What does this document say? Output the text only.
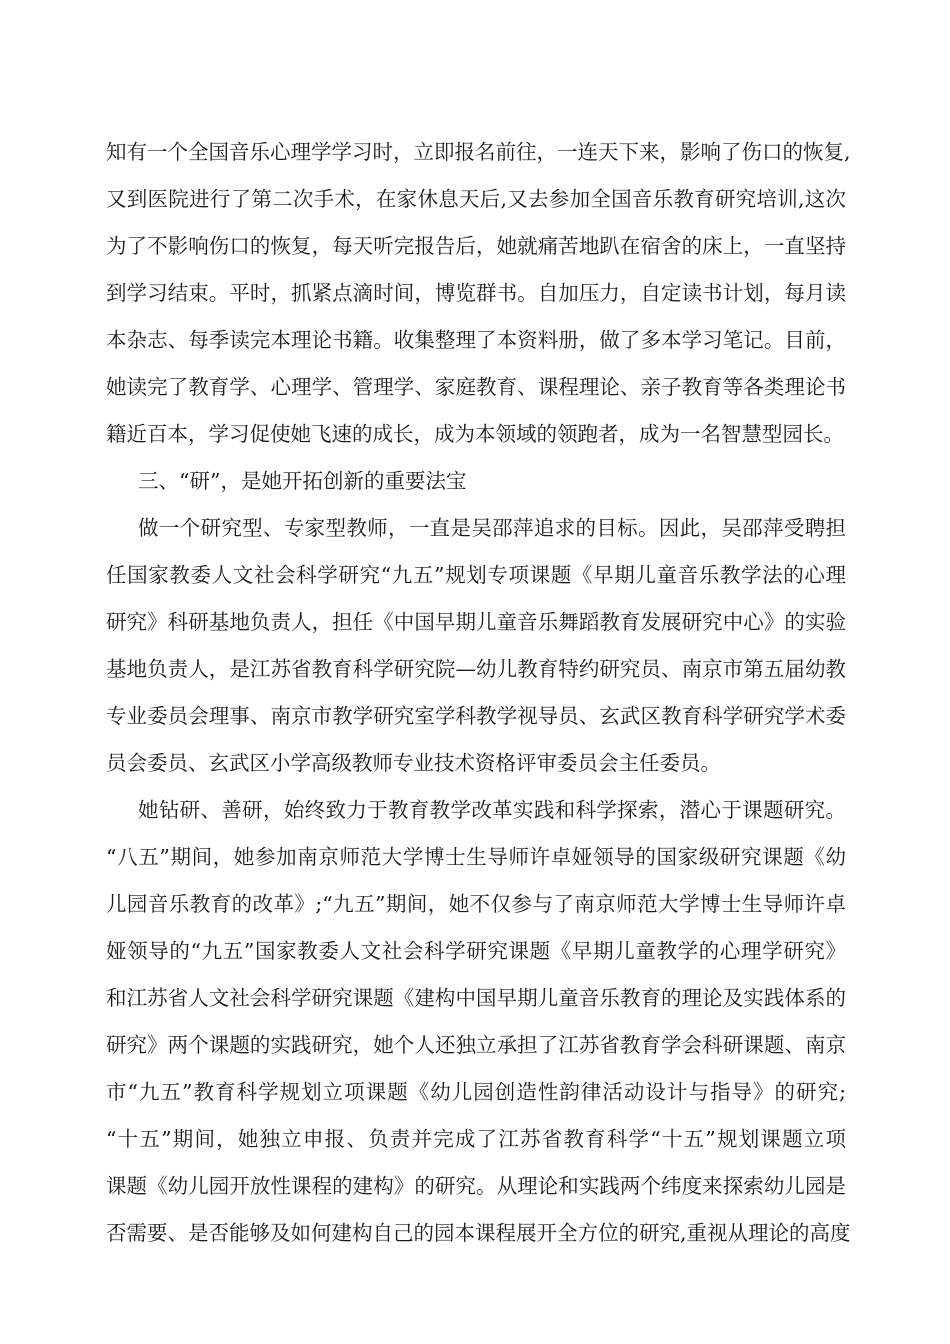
知有一个全国音乐心理学学习时，立即报名前往，一连天下来，影响了伤口的恢复,
又到医院进行了第二次手术，在家休息天后,又去参加全国音乐教育研究培训,这次
为了不影响伤口的恢复，每天听完报告后，她就痛苦地趴在宿舍的床上，一直坚持
到学习结束。平时，抓紧点滴时间，博览群书。自加压力，自定读书计划，每月读
本杂志、每季读完本理论书籍。收集整理了本资料册，做了多本学习笔记。目前，
她读完了教育学、心理学、管理学、家庭教育、课程理论、亲子教育等各类理论书
籍近百本，学习促使她飞速的成长，成为本领域的领跑者，成为一名智慧型园长。
三、“研”，是她开拓创新的重要法宝
做一个研究型、专家型教师，一直是吴邵萍追求的目标。因此，吴邵萍受聘担
任国家教委人文社会科学研究“九五”规划专项课题《早期儿童音乐教学法的心理
研究》科研基地负责人，担任《中国早期儿童音乐舞蹈教育发展研究中心》的实验
基地负责人，是江苏省教育科学研究院—幼儿教育特约研究员、南京市第五届幼教
专业委员会理事、南京市教学研究室学科教学视导员、玄武区教育科学研究学术委
员会委员、玄武区小学高级教师专业技术资格评审委员会主任委员。
她钻研、善研，始终致力于教育教学改革实践和科学探索，潜心于课题研究。
“八五”期间，她参加南京师范大学博士生导师许卓娅领导的国家级研究课题《幼
儿园音乐教育的改革》;“九五”期间，她不仅参与了南京师范大学博士生导师许卓
娅领导的“九五”国家教委人文社会科学研究课题《早期儿童教学的心理学研究》
和江苏省人文社会科学研究课题《建构中国早期儿童音乐教育的理论及实践体系的
研究》两个课题的实践研究，她个人还独立承担了江苏省教育学会科研课题、南京
市“九五”教育科学规划立项课题《幼儿园创造性韵律活动设计与指导》的研究;
“十五”期间，她独立申报、负责并完成了江苏省教育科学“十五”规划课题立项
课题《幼儿园开放性课程的建构》的研究。从理论和实践两个纬度来探索幼儿园是
否需要、是否能够及如何建构自己的园本课程展开全方位的研究,重视从理论的高度
